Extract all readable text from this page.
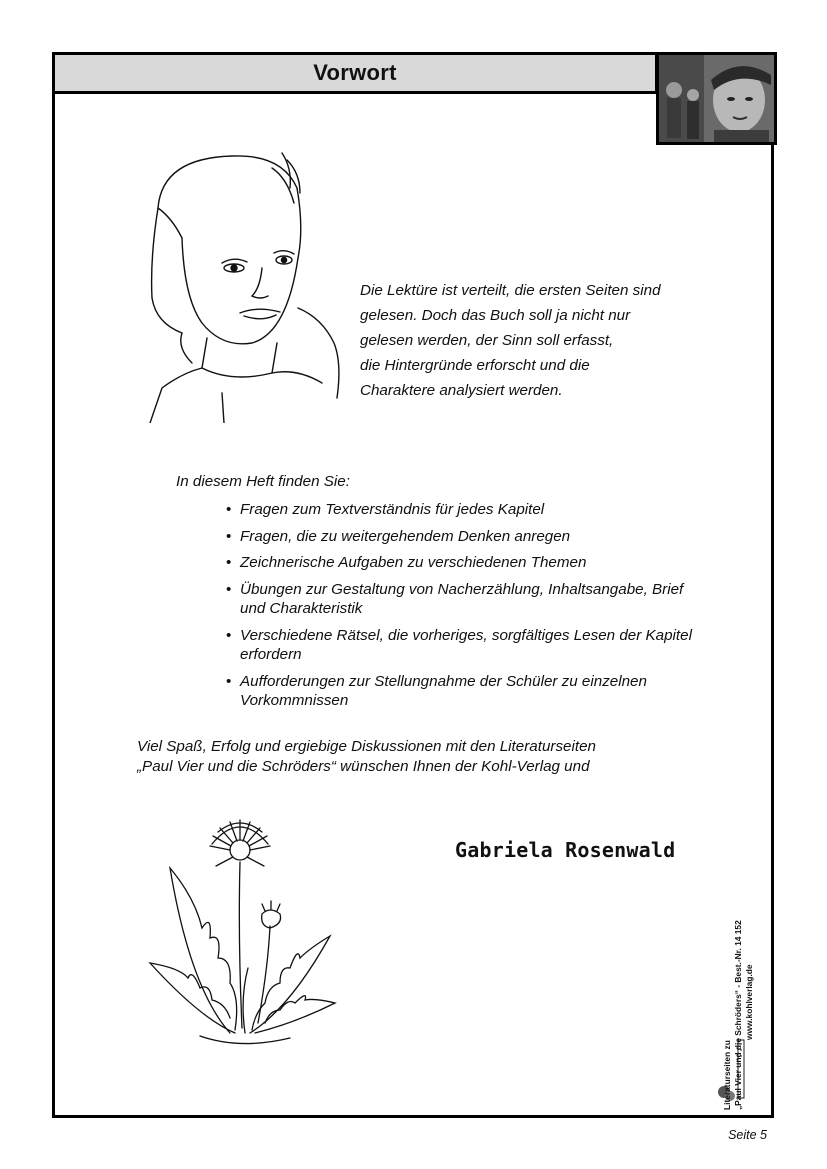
Vorwort
Die Lektüre ist verteilt, die ersten Seiten sind
gelesen. Doch das Buch soll ja nicht nur
gelesen werden, der Sinn soll erfasst,
die Hintergründe erforscht und die
Charaktere analysiert werden.
In diesem Heft finden Sie:
• Fragen zum Textverständnis für jedes Kapitel
• Fragen, die zu weitergehendem Denken anregen
• Zeichnerische Aufgaben zu verschiedenen Themen
• Übungen zur Gestaltung von Nacherzählung, Inhaltsangabe, Brief und Charakteristik
• Verschiedene Rätsel, die vorheriges, sorgfältiges Lesen der Kapitel erfordern
• Aufforderungen zur Stellungnahme der Schüler zu einzelnen Vorkommnissen
Viel Spaß, Erfolg und ergiebige Diskussionen mit den Literaturseiten
„Paul Vier und die Schröders“ wünschen Ihnen der Kohl-Verlag und
Gabriela Rosenwald
Literaturseiten zu „Paul Vier und die Schröders“ - Best.-Nr. 14 152 www.kohlverlag.de
Seite 5
